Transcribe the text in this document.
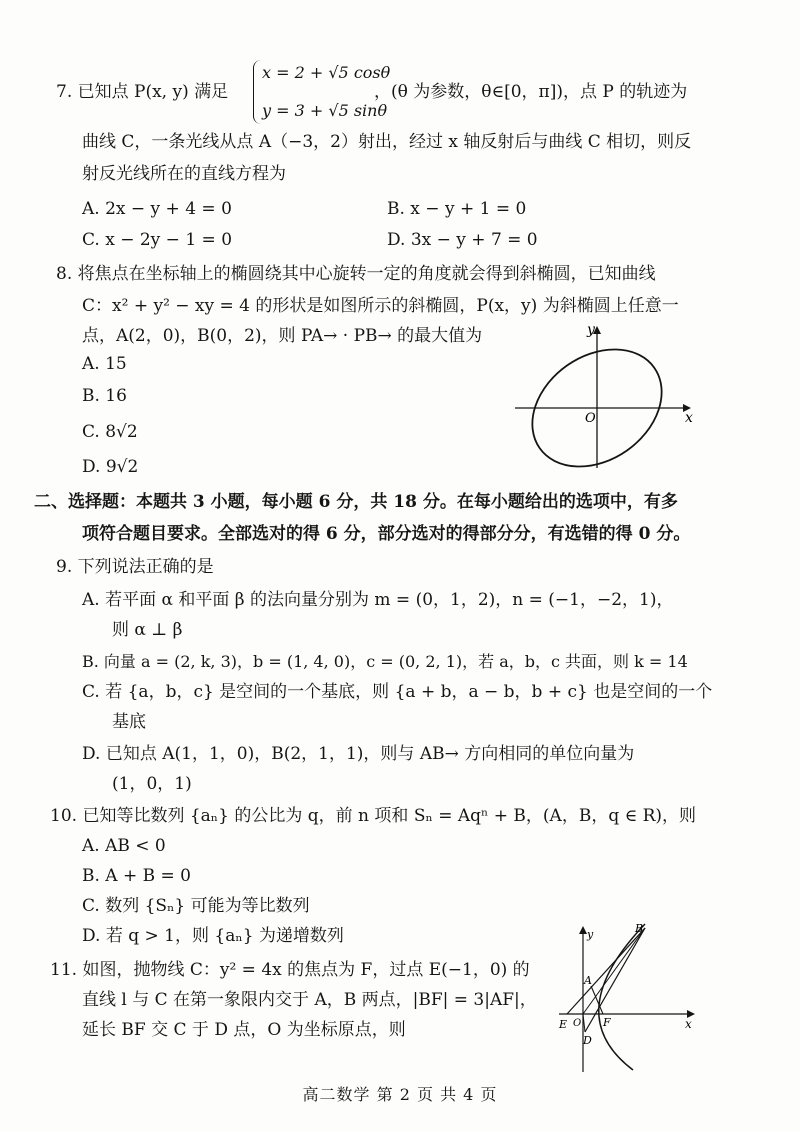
7. 已知点 P(x, y) 满足
x = 2 + √5 cosθ
y = 3 + √5 sinθ
，(θ 为参数，θ∈[0，π])，点 P 的轨迹为
曲线 C，一条光线从点 A（−3，2）射出，经过 x 轴反射后与曲线 C 相切，则反
射反光线所在的直线方程为
A. 2x − y + 4 = 0	B. x − y + 1 = 0
C. x − 2y − 1 = 0	D. 3x − y + 7 = 0
8. 将焦点在坐标轴上的椭圆绕其中心旋转一定的角度就会得到斜椭圆，已知曲线
C：x² + y² − xy = 4 的形状是如图所示的斜椭圆，P(x，y) 为斜椭圆上任意一
点，A(2，0)，B(0，2)，则 PA→ · PB→ 的最大值为
A. 15
B. 16
C. 8√2
D. 9√2
x
y
O
二、选择题：本题共 3 小题，每小题 6 分，共 18 分。在每小题给出的选项中，有多
项符合题目要求。全部选对的得 6 分，部分选对的得部分分，有选错的得 0 分。
9. 下列说法正确的是
A. 若平面 α 和平面 β 的法向量分别为 m = (0，1，2)，n = (−1，−2，1)，
则 α ⊥ β
B. 向量 a = (2, k, 3)，b = (1, 4, 0)，c = (0, 2, 1)，若 a，b，c 共面，则 k = 14
C. 若 {a，b，c} 是空间的一个基底，则 {a + b，a − b，b + c} 也是空间的一个
基底
D. 已知点 A(1，1，0)，B(2，1，1)，则与 AB→ 方向相同的单位向量为
(1，0，1)
10. 已知等比数列 {aₙ} 的公比为 q，前 n 项和 Sₙ = Aqⁿ + B，(A，B，q ∈ R)，则
A. AB < 0
B. A + B = 0
C. 数列 {Sₙ} 可能为等比数列
D. 若 q > 1，则 {aₙ} 为递增数列
11. 如图，抛物线 C：y² = 4x 的焦点为 F，过点 E(−1，0) 的
直线 l 与 C 在第一象限内交于 A，B 两点，|BF| = 3|AF|，
延长 BF 交 C 于 D 点，O 为坐标原点，则
B
y
A
E O F
D
x
高二数学 第 2 页 共 4 页
